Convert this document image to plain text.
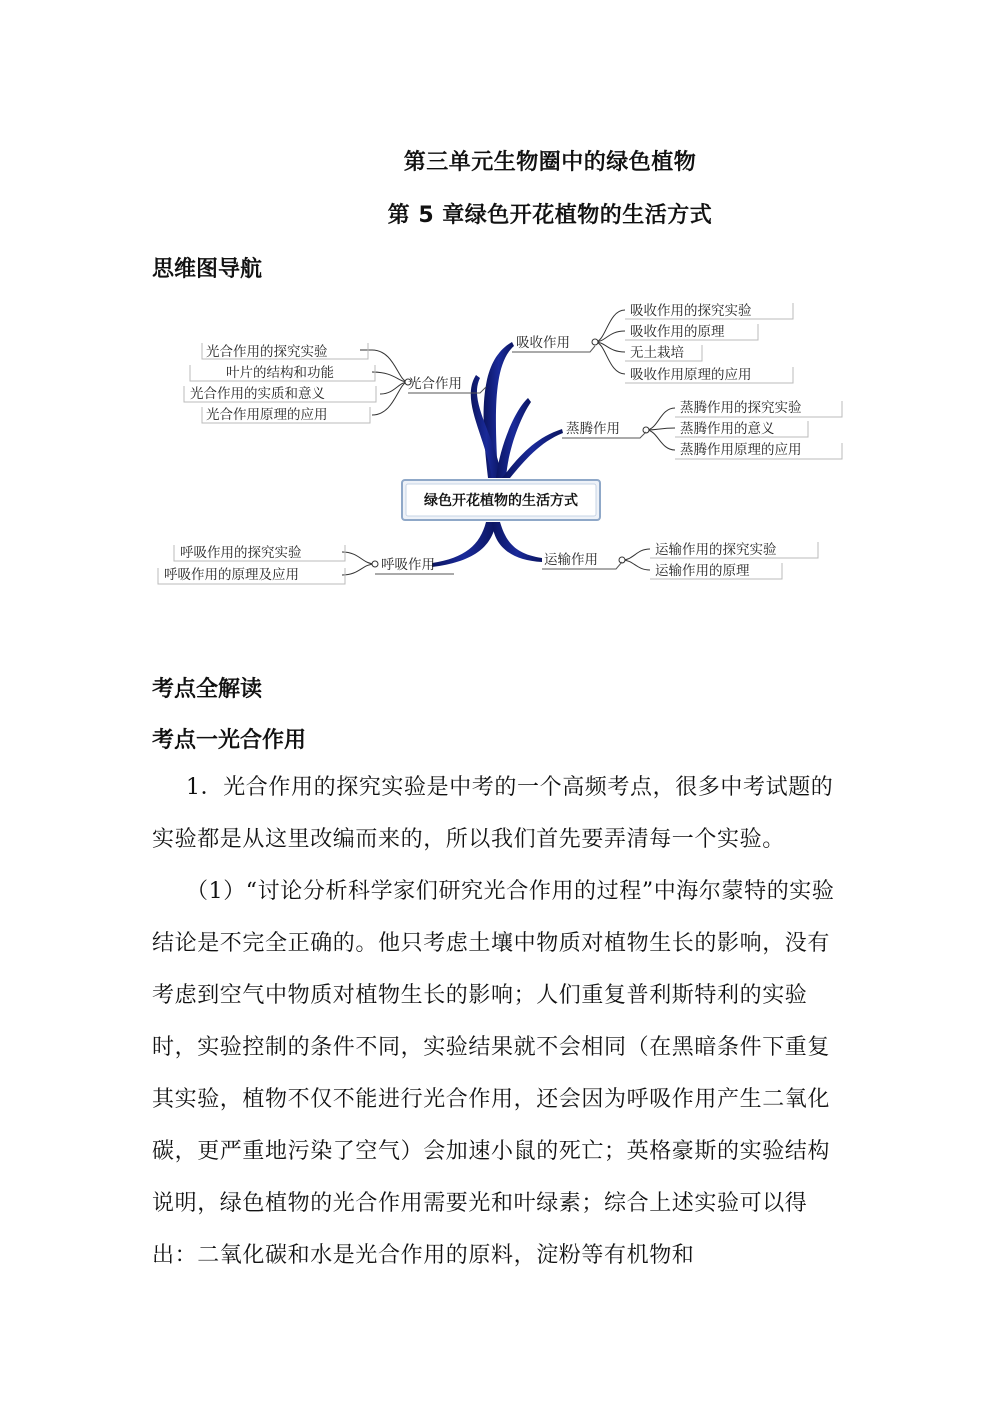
第三单元生物圈中的绿色植物
第 5 章绿色开花植物的生活方式
思维图导航
光合作用
吸收作用
蒸腾作用
呼吸作用	运输作用
绿色开花植物的生活方式
光合作用的探究实验
叶片的结构和功能
光合作用的实质和意义
光合作用原理的应用
吸收作用的探究实验
吸收作用的原理
无土栽培
吸收作用原理的应用
蒸腾作用的探究实验
蒸腾作用的意义
蒸腾作用原理的应用
呼吸作用的探究实验
呼吸作用的原理及应用
运输作用的探究实验
运输作用的原理
考点全解读
考点一光合作用
1．光合作用的探究实验是中考的一个高频考点，很多中考试题的实验都是从这里改编而来的，所以我们首先要弄清每一个实验。
（1）“讨论分析科学家们研究光合作用的过程”中海尔蒙特的实验结论是不完全正确的。他只考虑土壤中物质对植物生长的影响，没有考虑到空气中物质对植物生长的影响；人们重复普利斯特利的实验时，实验控制的条件不同，实验结果就不会相同（在黑暗条件下重复其实验，植物不仅不能进行光合作用，还会因为呼吸作用产生二氧化碳，更严重地污染了空气）会加速小鼠的死亡；英格豪斯的实验结构说明，绿色植物的光合作用需要光和叶绿素；综合上述实验可以得出：二氧化碳和水是光合作用的原料，淀粉等有机物和
